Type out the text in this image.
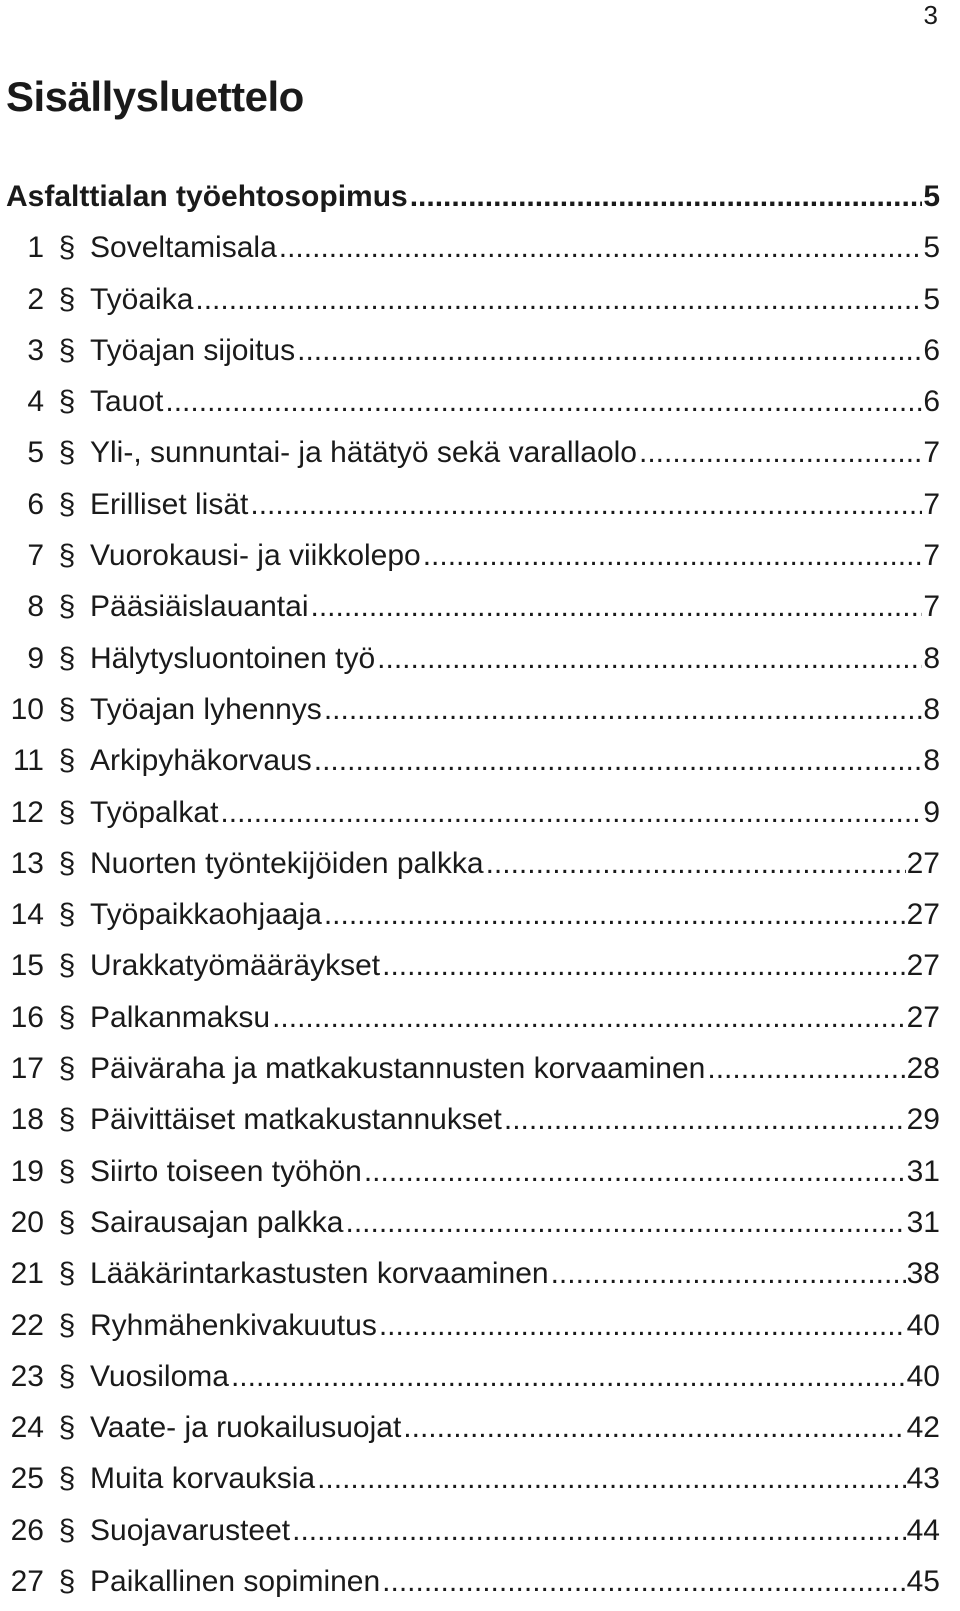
3
Sisällysluettelo
Asfalttialan työehtosopimus .....	5
1 § Soveltamisala .....	5
2 § Työaika .....	5
3 § Työajan sijoitus .....	6
4 § Tauot .....	6
5 § Yli-, sunnuntai- ja hätätyö sekä varallaolo .....	7
6 § Erilliset lisät .....	7
7 § Vuorokausi- ja viikkolepo .....	7
8 § Pääsiäislauantai .....	7
9 § Hälytysluontoinen työ .....	8
10 § Työajan lyhennys .....	8
11 § Arkipyhäkorvaus .....	8
12 § Työpalkat .....	9
13 § Nuorten työntekijöiden palkka .....	27
14 § Työpaikkaohjaaja .....	27
15 § Urakkatyömääräykset .....	27
16 § Palkanmaksu .....	27
17 § Päiväraha ja matkakustannusten korvaaminen .....	28
18 § Päivittäiset matkakustannukset .....	29
19 § Siirto toiseen työhön .....	31
20 § Sairausajan palkka .....	31
21 § Lääkärintarkastusten korvaaminen .....	38
22 § Ryhmähenkivakuutus .....	40
23 § Vuosiloma .....	40
24 § Vaate- ja ruokailusuojat .....	42
25 § Muita korvauksia .....	43
26 § Suojavarusteet .....	44
27 § Paikallinen sopiminen .....	45
